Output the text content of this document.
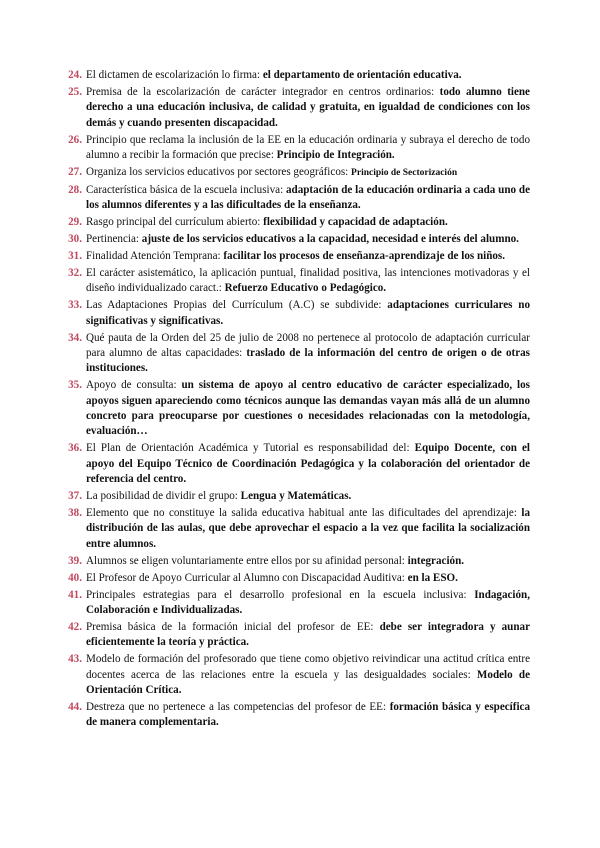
24. El dictamen de escolarización lo firma: el departamento de orientación educativa.
25. Premisa de la escolarización de carácter integrador en centros ordinarios: todo alumno tiene derecho a una educación inclusiva, de calidad y gratuita, en igualdad de condiciones con los demás y cuando presenten discapacidad.
26. Principio que reclama la inclusión de la EE en la educación ordinaria y subraya el derecho de todo alumno a recibir la formación que precise: Principio de Integración.
27. Organiza los servicios educativos por sectores geográficos: Principio de Sectorización
28. Característica básica de la escuela inclusiva: adaptación de la educación ordinaria a cada uno de los alumnos diferentes y a las dificultades de la enseñanza.
29. Rasgo principal del currículum abierto: flexibilidad y capacidad de adaptación.
30. Pertinencia: ajuste de los servicios educativos a la capacidad, necesidad e interés del alumno.
31. Finalidad Atención Temprana: facilitar los procesos de enseñanza-aprendizaje de los niños.
32. El carácter asistemático, la aplicación puntual, finalidad positiva, las intenciones motivadoras y el diseño individualizado caract.: Refuerzo Educativo o Pedagógico.
33. Las Adaptaciones Propias del Currículum (A.C) se subdivide: adaptaciones curriculares no significativas y significativas.
34. Qué pauta de la Orden del 25 de julio de 2008 no pertenece al protocolo de adaptación curricular para alumno de altas capacidades: traslado de la información del centro de origen o de otras instituciones.
35. Apoyo de consulta: un sistema de apoyo al centro educativo de carácter especializado, los apoyos siguen apareciendo como técnicos aunque las demandas vayan más allá de un alumno concreto para preocuparse por cuestiones o necesidades relacionadas con la metodología, evaluación…
36. El Plan de Orientación Académica y Tutorial es responsabilidad del: Equipo Docente, con el apoyo del Equipo Técnico de Coordinación Pedagógica y la colaboración del orientador de referencia del centro.
37. La posibilidad de dividir el grupo: Lengua y Matemáticas.
38. Elemento que no constituye la salida educativa habitual ante las dificultades del aprendizaje: la distribución de las aulas, que debe aprovechar el espacio a la vez que facilita la socialización entre alumnos.
39. Alumnos se eligen voluntariamente entre ellos por su afinidad personal: integración.
40. El Profesor de Apoyo Curricular al Alumno con Discapacidad Auditiva: en la ESO.
41. Principales estrategias para el desarrollo profesional en la escuela inclusiva: Indagación, Colaboración e Individualizadas.
42. Premisa básica de la formación inicial del profesor de EE: debe ser integradora y aunar eficientemente la teoría y práctica.
43. Modelo de formación del profesorado que tiene como objetivo reivindicar una actitud crítica entre docentes acerca de las relaciones entre la escuela y las desigualdades sociales: Modelo de Orientación Crítica.
44. Destreza que no pertenece a las competencias del profesor de EE: formación básica y específica de manera complementaria.
